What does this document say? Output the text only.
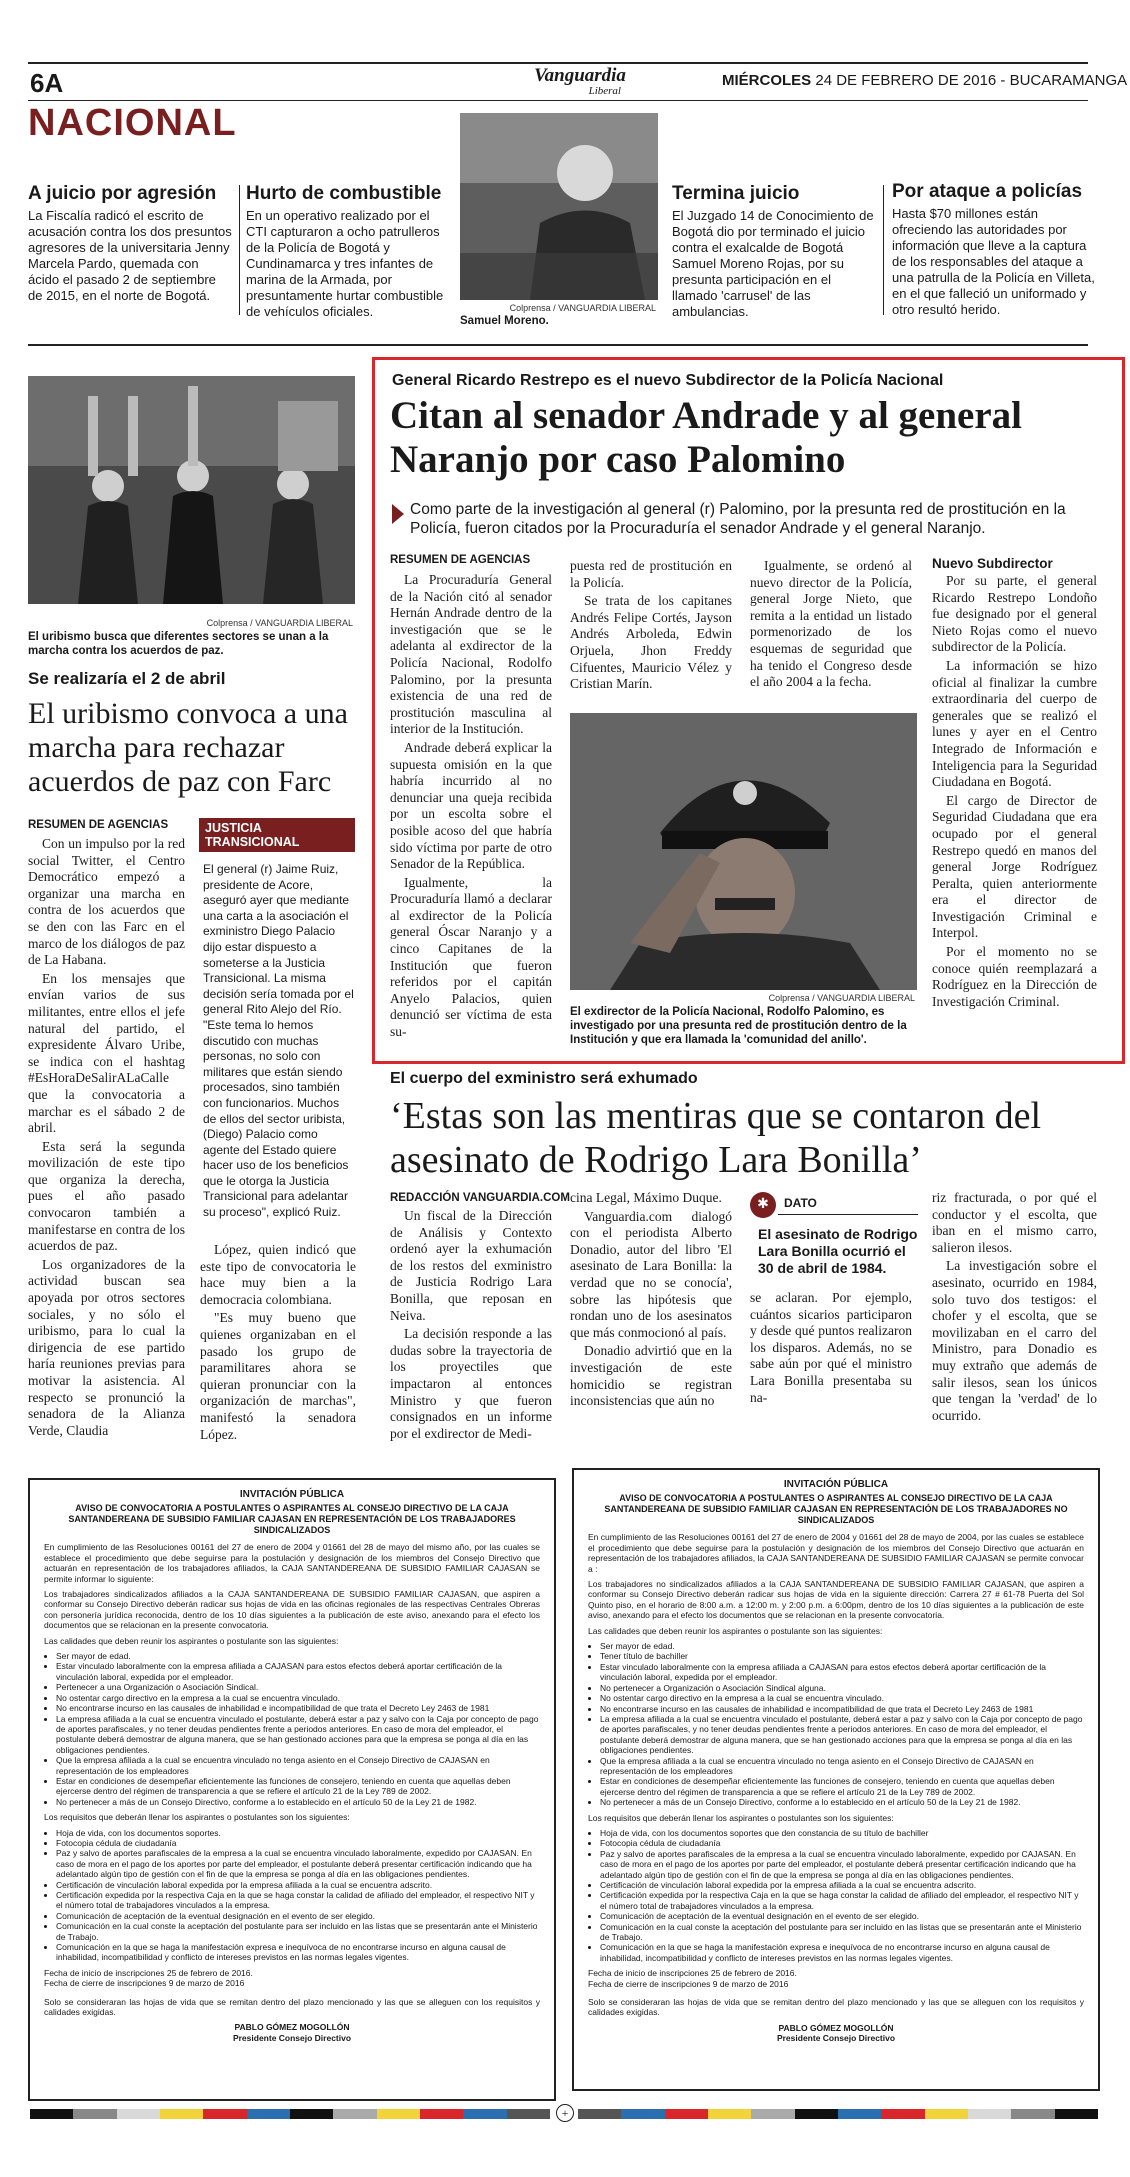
6A	Vanguardia
Liberal
MIÉRCOLES 24 DE FEBRERO DE 2016 - BUCARAMANGA
NACIONAL
A juicio por agresión
La Fiscalía radicó el escrito de acusación contra los dos presuntos agresores de la universitaria Jenny Marcela Pardo, quemada con ácido el pasado 2 de septiembre de 2015, en el norte de Bogotá.
Hurto de combustible
En un operativo realizado por el CTI capturaron a ocho patrulleros de la Policía de Bogotá y Cundinamarca y tres infantes de marina de la Armada, por presuntamente hurtar combustible de vehículos oficiales.	Colprensa / VANGUARDIA LIBERAL
Samuel Moreno.
Termina juicio
El Juzgado 14 de Conocimiento de Bogotá dio por terminado el juicio contra el exalcalde de Bogotá Samuel Moreno Rojas, por su presunta participación en el llamado 'carrusel' de las ambulancias.
Por ataque a policías
Hasta $70 millones están ofreciendo las autoridades por información que lleve a la captura de los responsables del ataque a una patrulla de la Policía en Villeta, en el que falleció un uniformado y otro resultó herido.
Colprensa / VANGUARDIA LIBERAL
El uribismo busca que diferentes sectores se unan a la marcha contra los acuerdos de paz.
Se realizaría el 2 de abril
El uribismo convoca a una marcha para rechazar acuerdos de paz con Farc
RESUMEN DE AGENCIAS

Con un impulso por la red social Twitter, el Centro Democrático empezó a organizar una marcha en contra de los acuerdos que se den con las Farc en el marco de los diálogos de paz de La Habana.

En los mensajes que envían varios de sus militantes, entre ellos el jefe natural del partido, el expresidente Álvaro Uribe, se indica con el hashtag #EsHoraDeSalirALaCalle que la convocatoria a marchar es el sábado 2 de abril.

Esta será la segunda movilización de este tipo que organiza la derecha, pues el año pasado convocaron también a manifestarse en contra de los acuerdos de paz.

Los organizadores de la actividad buscan sea apoyada por otros sectores sociales, y no sólo el uribismo, para lo cual la dirigencia de ese partido haría reuniones previas para motivar la asistencia. Al respecto se pronunció la senadora de la Alianza Verde, Claudia

JUSTICIA TRANSICIONAL
El general (r) Jaime Ruiz, presidente de Acore, aseguró ayer que mediante una carta a la asociación el exministro Diego Palacio dijo estar dispuesto a someterse a la Justicia Transicional. La misma decisión sería tomada por el general Rito Alejo del Río. "Este tema lo hemos discutido con muchas personas, no solo con militares que están siendo procesados, sino también con funcionarios. Muchos de ellos del sector uribista, (Diego) Palacio como agente del Estado quiere hacer uso de los beneficios que le otorga la Justicia Transicional para adelantar su proceso", explicó Ruiz.

López, quien indicó que este tipo de convocatoria le hace muy bien a la democracia colombiana.

"Es muy bueno que quienes organizaban en el pasado los grupo de paramilitares ahora se quieran pronunciar con la organización de marchas", manifestó la senadora López.

General Ricardo Restrepo es el nuevo Subdirector de la Policía Nacional
Citan al senador Andrade y al general Naranjo por caso Palomino
Como parte de la investigación al general (r) Palomino, por la presunta red de prostitución en la Policía, fueron citados por la Procuraduría el senador Andrade y el general Naranjo.
RESUMEN DE AGENCIAS

La Procuraduría General de la Nación citó al senador Hernán Andrade dentro de la investigación que se le adelanta al exdirector de la Policía Nacional, Rodolfo Palomino, por la presunta existencia de una red de prostitución masculina al interior de la Institución.

Andrade deberá explicar la supuesta omisión en la que habría incurrido al no denunciar una queja recibida por un escolta sobre el posible acoso del que habría sido víctima por parte de otro Senador de la República.

Igualmente, la Procuraduría llamó a declarar al exdirector de la Policía general Óscar Naranjo y a cinco Capitanes de la Institución que fueron referidos por el capitán Anyelo Palacios, quien denunció ser víctima de esta su-

puesta red de prostitución en la Policía.

Se trata de los capitanes Andrés Felipe Cortés, Jayson Andrés Arboleda, Edwin Orjuela, Jhon Freddy Cifuentes, Mauricio Vélez y Cristian Marín.

Igualmente, se ordenó al nuevo director de la Policía, general Jorge Nieto, que remita a la entidad un listado pormenorizado de los esquemas de seguridad que ha tenido el Congreso desde el año 2004 a la fecha.

Colprensa / VANGUARDIA LIBERAL
El exdirector de la Policía Nacional, Rodolfo Palomino, es investigado por una presunta red de prostitución dentro de la Institución y que era llamada la 'comunidad del anillo'.
Nuevo Subdirector

Por su parte, el general Ricardo Restrepo Londoño fue designado por el general Nieto Rojas como el nuevo subdirector de la Policía.

La información se hizo oficial al finalizar la cumbre extraordinaria del cuerpo de generales que se realizó el lunes y ayer en el Centro Integrado de Información e Inteligencia para la Seguridad Ciudadana en Bogotá.

El cargo de Director de Seguridad Ciudadana que era ocupado por el general Restrepo quedó en manos del general Jorge Rodríguez Peralta, quien anteriormente era el director de Investigación Criminal e Interpol.

Por el momento no se conoce quién reemplazará a Rodríguez en la Dirección de Investigación Criminal.

El cuerpo del exministro será exhumado
‘Estas son las mentiras que se contaron del asesinato de Rodrigo Lara Bonilla’
REDACCIÓN VANGUARDIA.COM

Un fiscal de la Dirección de Análisis y Contexto ordenó ayer la exhumación de los restos del exministro de Justicia Rodrigo Lara Bonilla, que reposan en Neiva.

La decisión responde a las dudas sobre la trayectoria de los proyectiles que impactaron al entonces Ministro y que fueron consignados en un informe por el exdirector de Medi-

cina Legal, Máximo Duque.

Vanguardia.com dialogó con el periodista Alberto Donadio, autor del libro 'El asesinato de Lara Bonilla: la verdad que no se conocía', sobre las hipótesis que rondan uno de los asesinatos que más conmocionó al país.

Donadio advirtió que en la investigación de este homicidio se registran inconsistencias que aún no

✱	DATO
El asesinato de Rodrigo Lara Bonilla ocurrió el 30 de abril de 1984.

se aclaran. Por ejemplo, cuántos sicarios participaron y desde qué puntos realizaron los disparos. Además, no se sabe aún por qué el ministro Lara Bonilla presentaba su na-

riz fracturada, o por qué el conductor y el escolta, que iban en el mismo carro, salieron ilesos.

La investigación sobre el asesinato, ocurrido en 1984, solo tuvo dos testigos: el chofer y el escolta, que se movilizaban en el carro del Ministro, para Donadio es muy extraño que además de salir ilesos, sean los únicos que tengan la 'verdad' de lo ocurrido.

INVITACIÓN PÚBLICA
AVISO DE CONVOCATORIA A POSTULANTES O ASPIRANTES AL CONSEJO DIRECTIVO DE LA CAJA SANTANDEREANA DE SUBSIDIO FAMILIAR CAJASAN EN REPRESENTACIÓN DE LOS TRABAJADORES SINDICALIZADOS

En cumplimiento de las Resoluciones 00161 del 27 de enero de 2004 y 01661 del 28 de mayo del mismo año, por las cuales se establece el procedimiento que debe seguirse para la postulación y designación de los miembros del Consejo Directivo que actuarán en representación de los trabajadores afiliados, la CAJA SANTANDEREANA DE SUBSIDIO FAMILIAR CAJASAN se permite informar lo siguiente:

Los trabajadores sindicalizados afiliados a la CAJA SANTANDEREANA DE SUBSIDIO FAMILIAR CAJASAN, que aspiren a conformar su Consejo Directivo deberán radicar sus hojas de vida en las oficinas regionales de las respectivas Centrales Obreras con personería jurídica reconocida, dentro de los 10 días siguientes a la publicación de este aviso, anexando para el efecto los documentos que se relacionan en la presente convocatoria.

Las calidades que deben reunir los aspirantes o postulante son las siguientes:

• Ser mayor de edad.
• Estar vinculado laboralmente con la empresa afiliada a CAJASAN para estos efectos deberá aportar certificación de la vinculación laboral, expedida por el empleador.
• Pertenecer a una Organización o Asociación Sindical.
• No ostentar cargo directivo en la empresa a la cual se encuentra vinculado.
• No encontrarse incurso en las causales de inhabilidad e incompatibilidad de que trata el Decreto Ley 2463 de 1981
• La empresa afiliada a la cual se encuentra vinculado el postulante, deberá estar a paz y salvo con la Caja por concepto de pago de aportes parafiscales, y no tener deudas pendientes frente a periodos anteriores. En caso de mora del empleador, el postulante deberá demostrar de alguna manera, que se han gestionado acciones para que la empresa se ponga al día en las obligaciones pendientes.
• Que la empresa afiliada a la cual se encuentra vinculado no tenga asiento en el Consejo Directivo de CAJASAN en representación de los empleadores
• Estar en condiciones de desempeñar eficientemente las funciones de consejero, teniendo en cuenta que aquellas deben ejercerse dentro del régimen de transparencia a que se refiere el artículo 21 de la Ley 789 de 2002.
• No pertenecer a más de un Consejo Directivo, conforme a lo establecido en el artículo 50 de la Ley 21 de 1982.

Los requisitos que deberán llenar los aspirantes o postulantes son los siguientes:

• Hoja de vida, con los documentos soportes.
• Fotocopia cédula de ciudadanía
• Paz y salvo de aportes parafiscales de la empresa a la cual se encuentra vinculado laboralmente, expedido por CAJASAN. En caso de mora en el pago de los aportes por parte del empleador, el postulante deberá presentar certificación indicando que ha adelantado algún tipo de gestión con el fin de que la empresa se ponga al día en las obligaciones pendientes.
• Certificación de vinculación laboral expedida por la empresa afiliada a la cual se encuentra adscrito.
• Certificación expedida por la respectiva Caja en la que se haga constar la calidad de afiliado del empleador, el respectivo NIT y el número total de trabajadores vinculados a la empresa.
• Comunicación de aceptación de la eventual designación en el evento de ser elegido.
• Comunicación en la cual conste la aceptación del postulante para ser incluido en las listas que se presentarán ante el Ministerio de Trabajo.
• Comunicación en la que se haga la manifestación expresa e inequívoca de no encontrarse incurso en alguna causal de inhabilidad, incompatibilidad y conflicto de intereses previstos en las normas legales vigentes.
Fecha de inicio de inscripciones 25 de febrero de 2016.
Fecha de cierre de inscripciones 9 de marzo de 2016

Solo se consideraran las hojas de vida que se remitan dentro del plazo mencionado y las que se alleguen con los requisitos y calidades exigidas.

PABLO GÓMEZ MOGOLLÓN
Presidente Consejo Directivo
INVITACIÓN PÚBLICA
AVISO DE CONVOCATORIA A POSTULANTES O ASPIRANTES AL CONSEJO DIRECTIVO DE LA CAJA SANTANDEREANA DE SUBSIDIO FAMILIAR CAJASAN EN REPRESENTACIÓN DE LOS TRABAJADORES NO SINDICALIZADOS

En cumplimiento de las Resoluciones 00161 del 27 de enero de 2004 y 01661 del 28 de mayo de 2004, por las cuales se establece el procedimiento que debe seguirse para la postulación y designación de los miembros del Consejo Directivo que actuarán en representación de los trabajadores afiliados, la CAJA SANTANDEREANA DE SUBSIDIO FAMILIAR CAJASAN se permite convocar a :

Los trabajadores no sindicalizados afiliados a la CAJA SANTANDEREANA DE SUBSIDIO FAMILIAR CAJASAN, que aspiren a conformar su Consejo Directivo deberán radicar sus hojas de vida en la siguiente dirección: Carrera 27 # 61-78 Puerta del Sol Quinto piso, en el horario de 8:00 a.m. a 12:00 m. y 2:00 p.m. a 6:00pm, dentro de los 10 días siguientes a la publicación de este aviso, anexando para el efecto los documentos que se relacionan en la presente convocatoria.

Las calidades que deben reunir los aspirantes o postulante son las siguientes:

• Ser mayor de edad.
• Tener título de bachiller
• Estar vinculado laboralmente con la empresa afiliada a CAJASAN para estos efectos deberá aportar certificación de la vinculación laboral, expedida por el empleador.
• No pertenecer a Organización o Asociación Sindical alguna.
• No ostentar cargo directivo en la empresa a la cual se encuentra vinculado.
• No encontrarse incurso en las causales de inhabilidad e incompatibilidad de que trata el Decreto Ley 2463 de 1981
• La empresa afiliada a la cual se encuentra vinculado el postulante, deberá estar a paz y salvo con la Caja por concepto de pago de aportes parafiscales, y no tener deudas pendientes frente a periodos anteriores. En caso de mora del empleador, el postulante deberá demostrar de alguna manera, que se han gestionado acciones para que la empresa se ponga al día en las obligaciones pendientes.
• Que la empresa afiliada a la cual se encuentra vinculado no tenga asiento en el Consejo Directivo de CAJASAN en representación de los empleadores
• Estar en condiciones de desempeñar eficientemente las funciones de consejero, teniendo en cuenta que aquellas deben ejercerse dentro del régimen de transparencia a que se refiere el artículo 21 de la Ley 789 de 2002.
• No pertenecer a más de un Consejo Directivo, conforme a lo establecido en el artículo 50 de la Ley 21 de 1982.

Los requisitos que deberán llenar los aspirantes o postulantes son los siguientes:

• Hoja de vida, con los documentos soportes que den constancia de su título de bachiller
• Fotocopia cédula de ciudadanía
• Paz y salvo de aportes parafiscales de la empresa a la cual se encuentra vinculado laboralmente, expedido por CAJASAN. En caso de mora en el pago de los aportes por parte del empleador, el postulante deberá presentar certificación indicando que ha adelantado algún tipo de gestión con el fin de que la empresa se ponga al día en las obligaciones pendientes.
• Certificación de vinculación laboral expedida por la empresa afiliada a la cual se encuentra adscrito.
• Certificación expedida por la respectiva Caja en la que se haga constar la calidad de afiliado del empleador, el respectivo NIT y el número total de trabajadores vinculados a la empresa.
• Comunicación de aceptación de la eventual designación en el evento de ser elegido.
• Comunicación en la cual conste la aceptación del postulante para ser incluido en las listas que se presentarán ante el Ministerio de Trabajo.
• Comunicación en la que se haga la manifestación expresa e inequívoca de no encontrarse incurso en alguna causal de inhabilidad, incompatibilidad y conflicto de intereses previstos en las normas legales vigentes.
Fecha de inicio de inscripciones 25 de febrero de 2016.
Fecha de cierre de inscripciones 9 de marzo de 2016

Solo se consideraran las hojas de vida que se remitan dentro del plazo mencionado y las que se alleguen con los requisitos y calidades exigidas.

PABLO GÓMEZ MOGOLLÓN
Presidente Consejo Directivo
+
